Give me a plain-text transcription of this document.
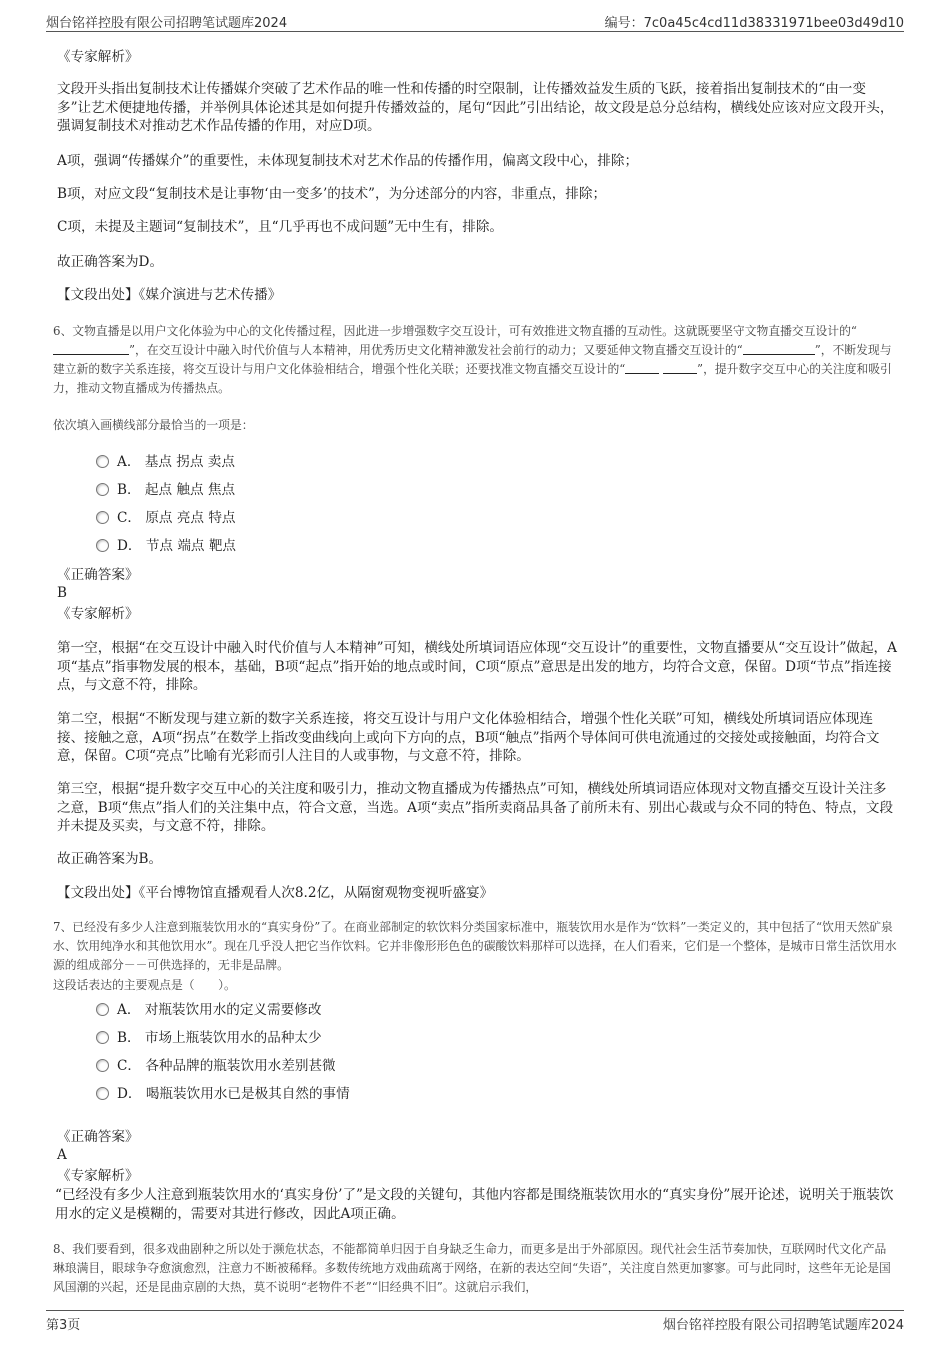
烟台铭祥控股有限公司招聘笔试题库2024	编号：7c0a45c4cd11d38331971bee03d49d10
《专家解析》
文段开头指出复制技术让传播媒介突破了艺术作品的唯一性和传播的时空限制，让传播效益发生质的飞跃，接着指出复制技术的“由一变多”让艺术便捷地传播，并举例具体论述其是如何提升传播效益的，尾句“因此”引出结论，故文段是总分总结构，横线处应该对应文段开头，强调复制技术对推动艺术作品传播的作用，对应D项。
A项，强调“传播媒介”的重要性，未体现复制技术对艺术作品的传播作用，偏离文段中心，排除；
B项，对应文段“复制技术是让事物‘由一变多’的技术”，为分述部分的内容，非重点，排除；
C项，未提及主题词“复制技术”，且“几乎再也不成问题”无中生有，排除。
故正确答案为D。
【文段出处】《媒介演进与艺术传播》
6、文物直播是以用户文化体验为中心的文化传播过程，因此进一步增强数字交互设计，可有效推进文物直播的互动性。这就既要坚守文物直播交互设计的“”，在交互设计中融入时代价值与人本精神，用优秀历史文化精神激发社会前行的动力；又要延伸文物直播交互设计的“	”，不断发现与建立新的数字关系连接，将交互设计与用户文化体验相结合，增强个性化关联；还要找准文物直播交互设计的“	”，提升数字交互中心的关注度和吸引力，推动文物直播成为传播热点。
依次填入画横线部分最恰当的一项是：
A． 基点 拐点 卖点
B． 起点 触点 焦点
C． 原点 亮点 特点
D． 节点 端点 靶点
《正确答案》
B
《专家解析》
第一空，根据“在交互设计中融入时代价值与人本精神”可知，横线处所填词语应体现“交互设计”的重要性，文物直播要从“交互设计”做起，A项“基点”指事物发展的根本，基础，B项“起点”指开始的地点或时间，C项“原点”意思是出发的地方，均符合文意，保留。D项“节点”指连接点，与文意不符，排除。
第二空，根据“不断发现与建立新的数字关系连接，将交互设计与用户文化体验相结合，增强个性化关联”可知，横线处所填词语应体现连接、接触之意，A项“拐点”在数学上指改变曲线向上或向下方向的点，B项“触点”指两个导体间可供电流通过的交接处或接触面，均符合文意，保留。C项“亮点”比喻有光彩而引人注目的人或事物，与文意不符，排除。
第三空，根据“提升数字交互中心的关注度和吸引力，推动文物直播成为传播热点”可知，横线处所填词语应体现对文物直播交互设计关注多之意，B项“焦点”指人们的关注集中点，符合文意，当选。A项“卖点”指所卖商品具备了前所未有、别出心裁或与众不同的特色、特点，文段并未提及买卖，与文意不符，排除。
故正确答案为B。
【文段出处】《平台博物馆直播观看人次8.2亿，从隔窗观物变视听盛宴》
7、已经没有多少人注意到瓶装饮用水的“真实身份”了。在商业部制定的软饮料分类国家标准中，瓶装饮用水是作为“饮料”一类定义的，其中包括了“饮用天然矿泉水、饮用纯净水和其他饮用水”。现在几乎没人把它当作饮料。它并非像形形色色的碳酸饮料那样可以选择，在人们看来，它们是一个整体，是城市日常生活饮用水源的组成部分－－可供选择的，无非是品牌。
这段话表达的主要观点是（　　）。
A． 对瓶装饮用水的定义需要修改
B． 市场上瓶装饮用水的品种太少
C． 各种品牌的瓶装饮用水差别甚微
D． 喝瓶装饮用水已是极其自然的事情
《正确答案》
A
《专家解析》
“已经没有多少人注意到瓶装饮用水的‘真实身份’了”是文段的关键句，其他内容都是围绕瓶装饮用水的“真实身份”展开论述，说明关于瓶装饮用水的定义是模糊的，需要对其进行修改，因此A项正确。
8、我们要看到，很多戏曲剧种之所以处于濒危状态，不能都简单归因于自身缺乏生命力，而更多是出于外部原因。现代社会生活节奏加快，互联网时代文化产品琳琅满目，眼球争夺愈演愈烈，注意力不断被稀释。多数传统地方戏曲疏离于网络，在新的表达空间“失语”，关注度自然更加寥寥。可与此同时，这些年无论是国风国潮的兴起，还是昆曲京剧的大热，莫不说明“老物件不老”“旧经典不旧”。这就启示我们，
第3页	烟台铭祥控股有限公司招聘笔试题库2024
